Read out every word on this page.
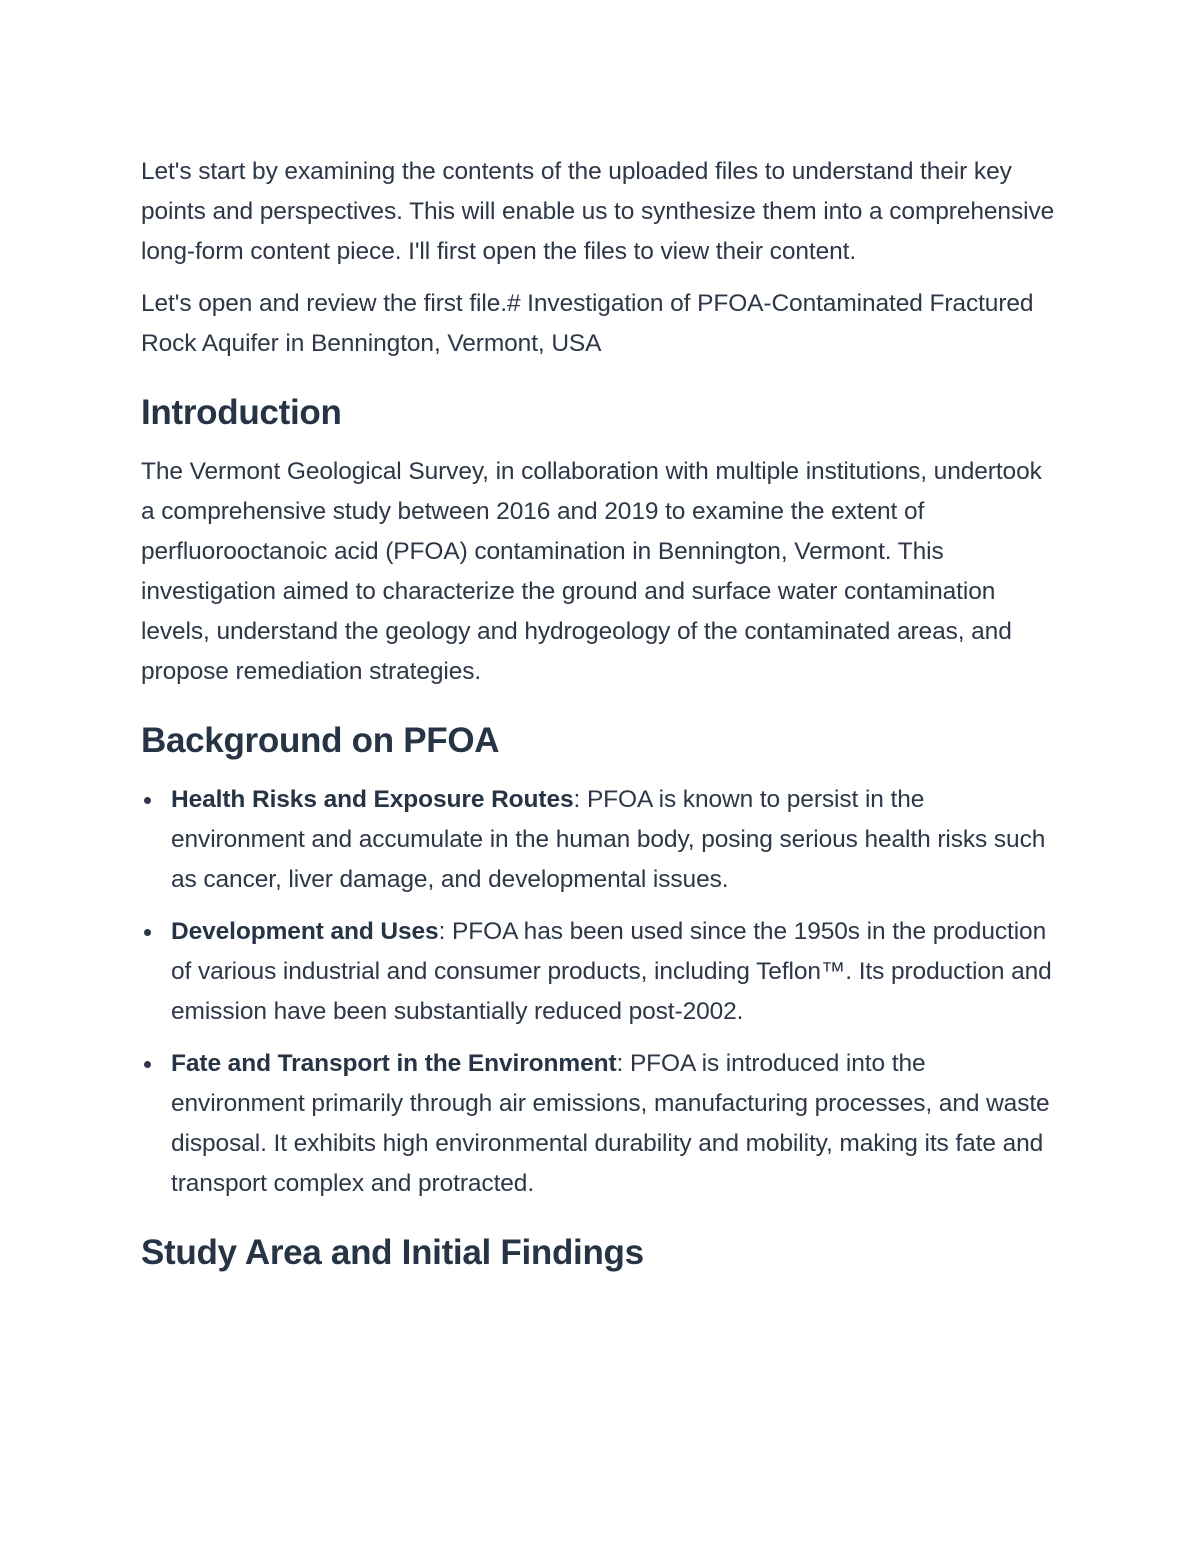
Let's start by examining the contents of the uploaded files to understand their key points and perspectives. This will enable us to synthesize them into a comprehensive long-form content piece. I'll first open the files to view their content.

Let's open and review the first file.# Investigation of PFOA-Contaminated Fractured Rock Aquifer in Bennington, Vermont, USA

Introduction

The Vermont Geological Survey, in collaboration with multiple institutions, undertook a comprehensive study between 2016 and 2019 to examine the extent of perfluorooctanoic acid (PFOA) contamination in Bennington, Vermont. This investigation aimed to characterize the ground and surface water contamination levels, understand the geology and hydrogeology of the contaminated areas, and propose remediation strategies.

Background on PFOA
Health Risks and Exposure Routes: PFOA is known to persist in the environment and accumulate in the human body, posing serious health risks such as cancer, liver damage, and developmental issues.
Development and Uses: PFOA has been used since the 1950s in the production of various industrial and consumer products, including Teflon™. Its production and emission have been substantially reduced post-2002.
Fate and Transport in the Environment: PFOA is introduced into the environment primarily through air emissions, manufacturing processes, and waste disposal. It exhibits high environmental durability and mobility, making its fate and transport complex and protracted.
Study Area and Initial Findings
